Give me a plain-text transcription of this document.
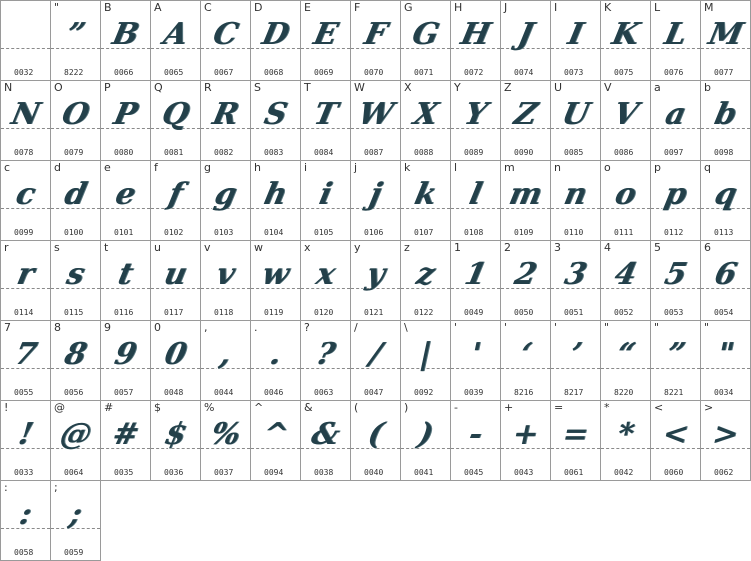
0032
"
”
8222
B
B
0066
A
A
0065
C
C
0067
D
D
0068
E
E
0069
F
F
0070
G
G
0071
H
H
0072
J
J
0074
I
I
0073
K
K
0075
L
L
0076
M
M
0077
N
N
0078
O
O
0079
P
P
0080
Q
Q
0081
R
R
0082
S
S
0083
T
T
0084
W
W
0087
X
X
0088
Y
Y
0089
Z
Z
0090
U
U
0085
V
V
0086
a
a
0097
b
b
0098
c
c
0099
d
d
0100
e
e
0101
f
f
0102
g
g
0103
h
h
0104
i
i
0105
j
j
0106
k
k
0107
l
l
0108
m
m
0109
n
n
0110
o
o
0111
p
p
0112
q
q
0113
r
r
0114
s
s
0115
t
t
0116
u
u
0117
v
v
0118
w
w
0119
x
x
0120
y
y
0121
z
z
0122
1
1
0049
2
2
0050
3
3
0051
4
4
0052
5
5
0053
6
6
0054
7
7
0055
8
8
0056
9
9
0057
0
0
0048
,
,
0044
.
.
0046
?
?
0063
/
/
0047
\
|
0092
'
'
0039
'
‘
8216
'
’
8217
"
“
8220
"
”
8221
"
"
0034
!
!
0033
@
@
0064
#
#
0035
$
$
0036
%
%
0037
^
^
0094
&
&
0038
(
(
0040
)
)
0041
-
-
0045
+
+
0043
=
=
0061
*
*
0042
<
<
0060
>
>
0062
:
:
0058
;
;
0059
